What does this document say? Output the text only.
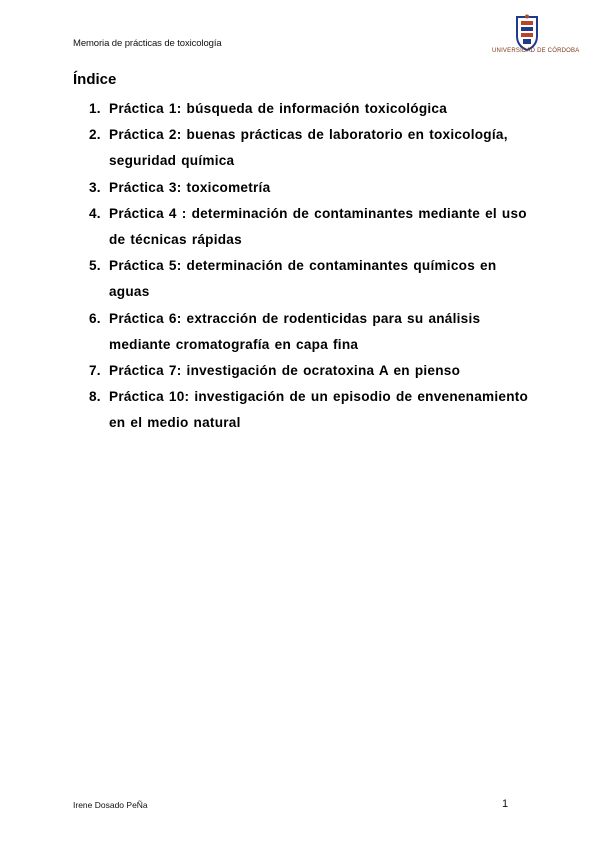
Memoria de prácticas de toxicología
UNIVERSIDAD DE CÓRDOBA
Índice
1. Práctica 1: búsqueda de información toxicológica
2. Práctica 2: buenas prácticas de laboratorio en toxicología, seguridad química
3. Práctica 3: toxicometría
4. Práctica 4 : determinación de contaminantes mediante el uso de técnicas rápidas
5. Práctica 5: determinación de contaminantes químicos en aguas
6. Práctica 6: extracción de rodenticidas para su análisis mediante cromatografía en capa fina
7. Práctica 7: investigación de ocratoxina A en pienso
8. Práctica 10: investigación de un episodio de envenenamiento en el medio natural
Irene Dosado PeÑa	1
